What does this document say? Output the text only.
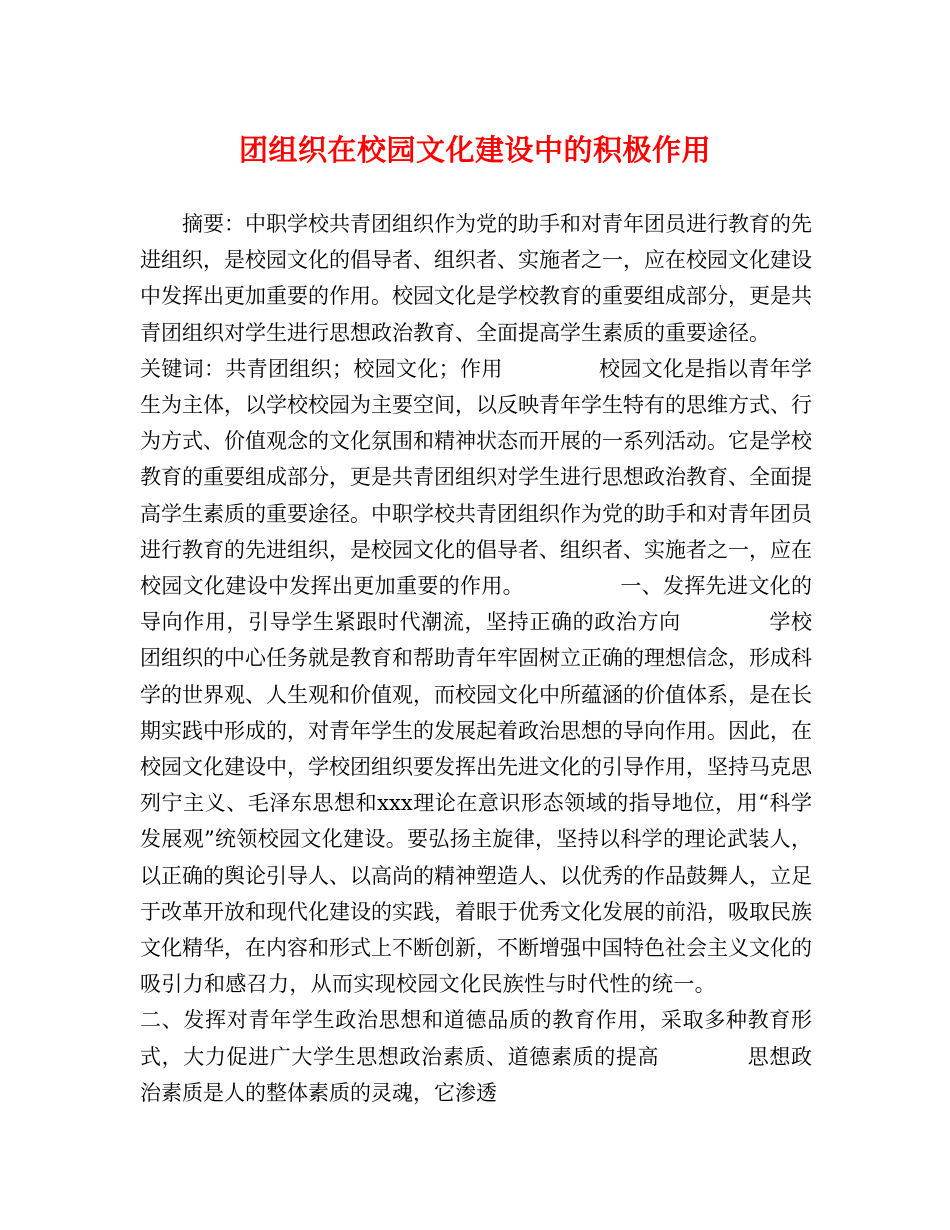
团组织在校园文化建设中的积极作用

摘要：中职学校共青团组织作为党的助手和对青年团员进行教育的先进组织，是校园文化的倡导者、组织者、实施者之一，应在校园文化建设中发挥出更加重要的作用。校园文化是学校教育的重要组成部分，更是共青团组织对学生进行思想政治教育、全面提高学生素质的重要途径。关键词：共青团组织；校园文化；作用	校园文化是指以青年学生为主体，以学校校园为主要空间，以反映青年学生特有的思维方式、行为方式、价值观念的文化氛围和精神状态而开展的一系列活动。它是学校教育的重要组成部分，更是共青团组织对学生进行思想政治教育、全面提高学生素质的重要途径。中职学校共青团组织作为党的助手和对青年团员进行教育的先进组织，是校园文化的倡导者、组织者、实施者之一，应在校园文化建设中发挥出更加重要的作用。	一、发挥先进文化的导向作用，引导学生紧跟时代潮流，坚持正确的政治方向	学校团组织的中心任务就是教育和帮助青年牢固树立正确的理想信念，形成科学的世界观、人生观和价值观，而校园文化中所蕴涵的价值体系，是在长期实践中形成的，对青年学生的发展起着政治思想的导向作用。因此，在校园文化建设中，学校团组织要发挥出先进文化的引导作用，坚持马克思列宁主义、毛泽东思想和xxx理论在意识形态领域的指导地位，用“科学发展观”统领校园文化建设。要弘扬主旋律，坚持以科学的理论武装人，以正确的舆论引导人、以高尚的精神塑造人、以优秀的作品鼓舞人，立足于改革开放和现代化建设的实践，着眼于优秀文化发展的前沿，吸取民族文化精华，在内容和形式上不断创新，不断增强中国特色社会主义文化的吸引力和感召力，从而实现校园文化民族性与时代性的统一。二、发挥对青年学生政治思想和道德品质的教育作用，采取多种教育形式，大力促进广大学生思想政治素质、道德素质的提高	思想政治素质是人的整体素质的灵魂，它渗透
